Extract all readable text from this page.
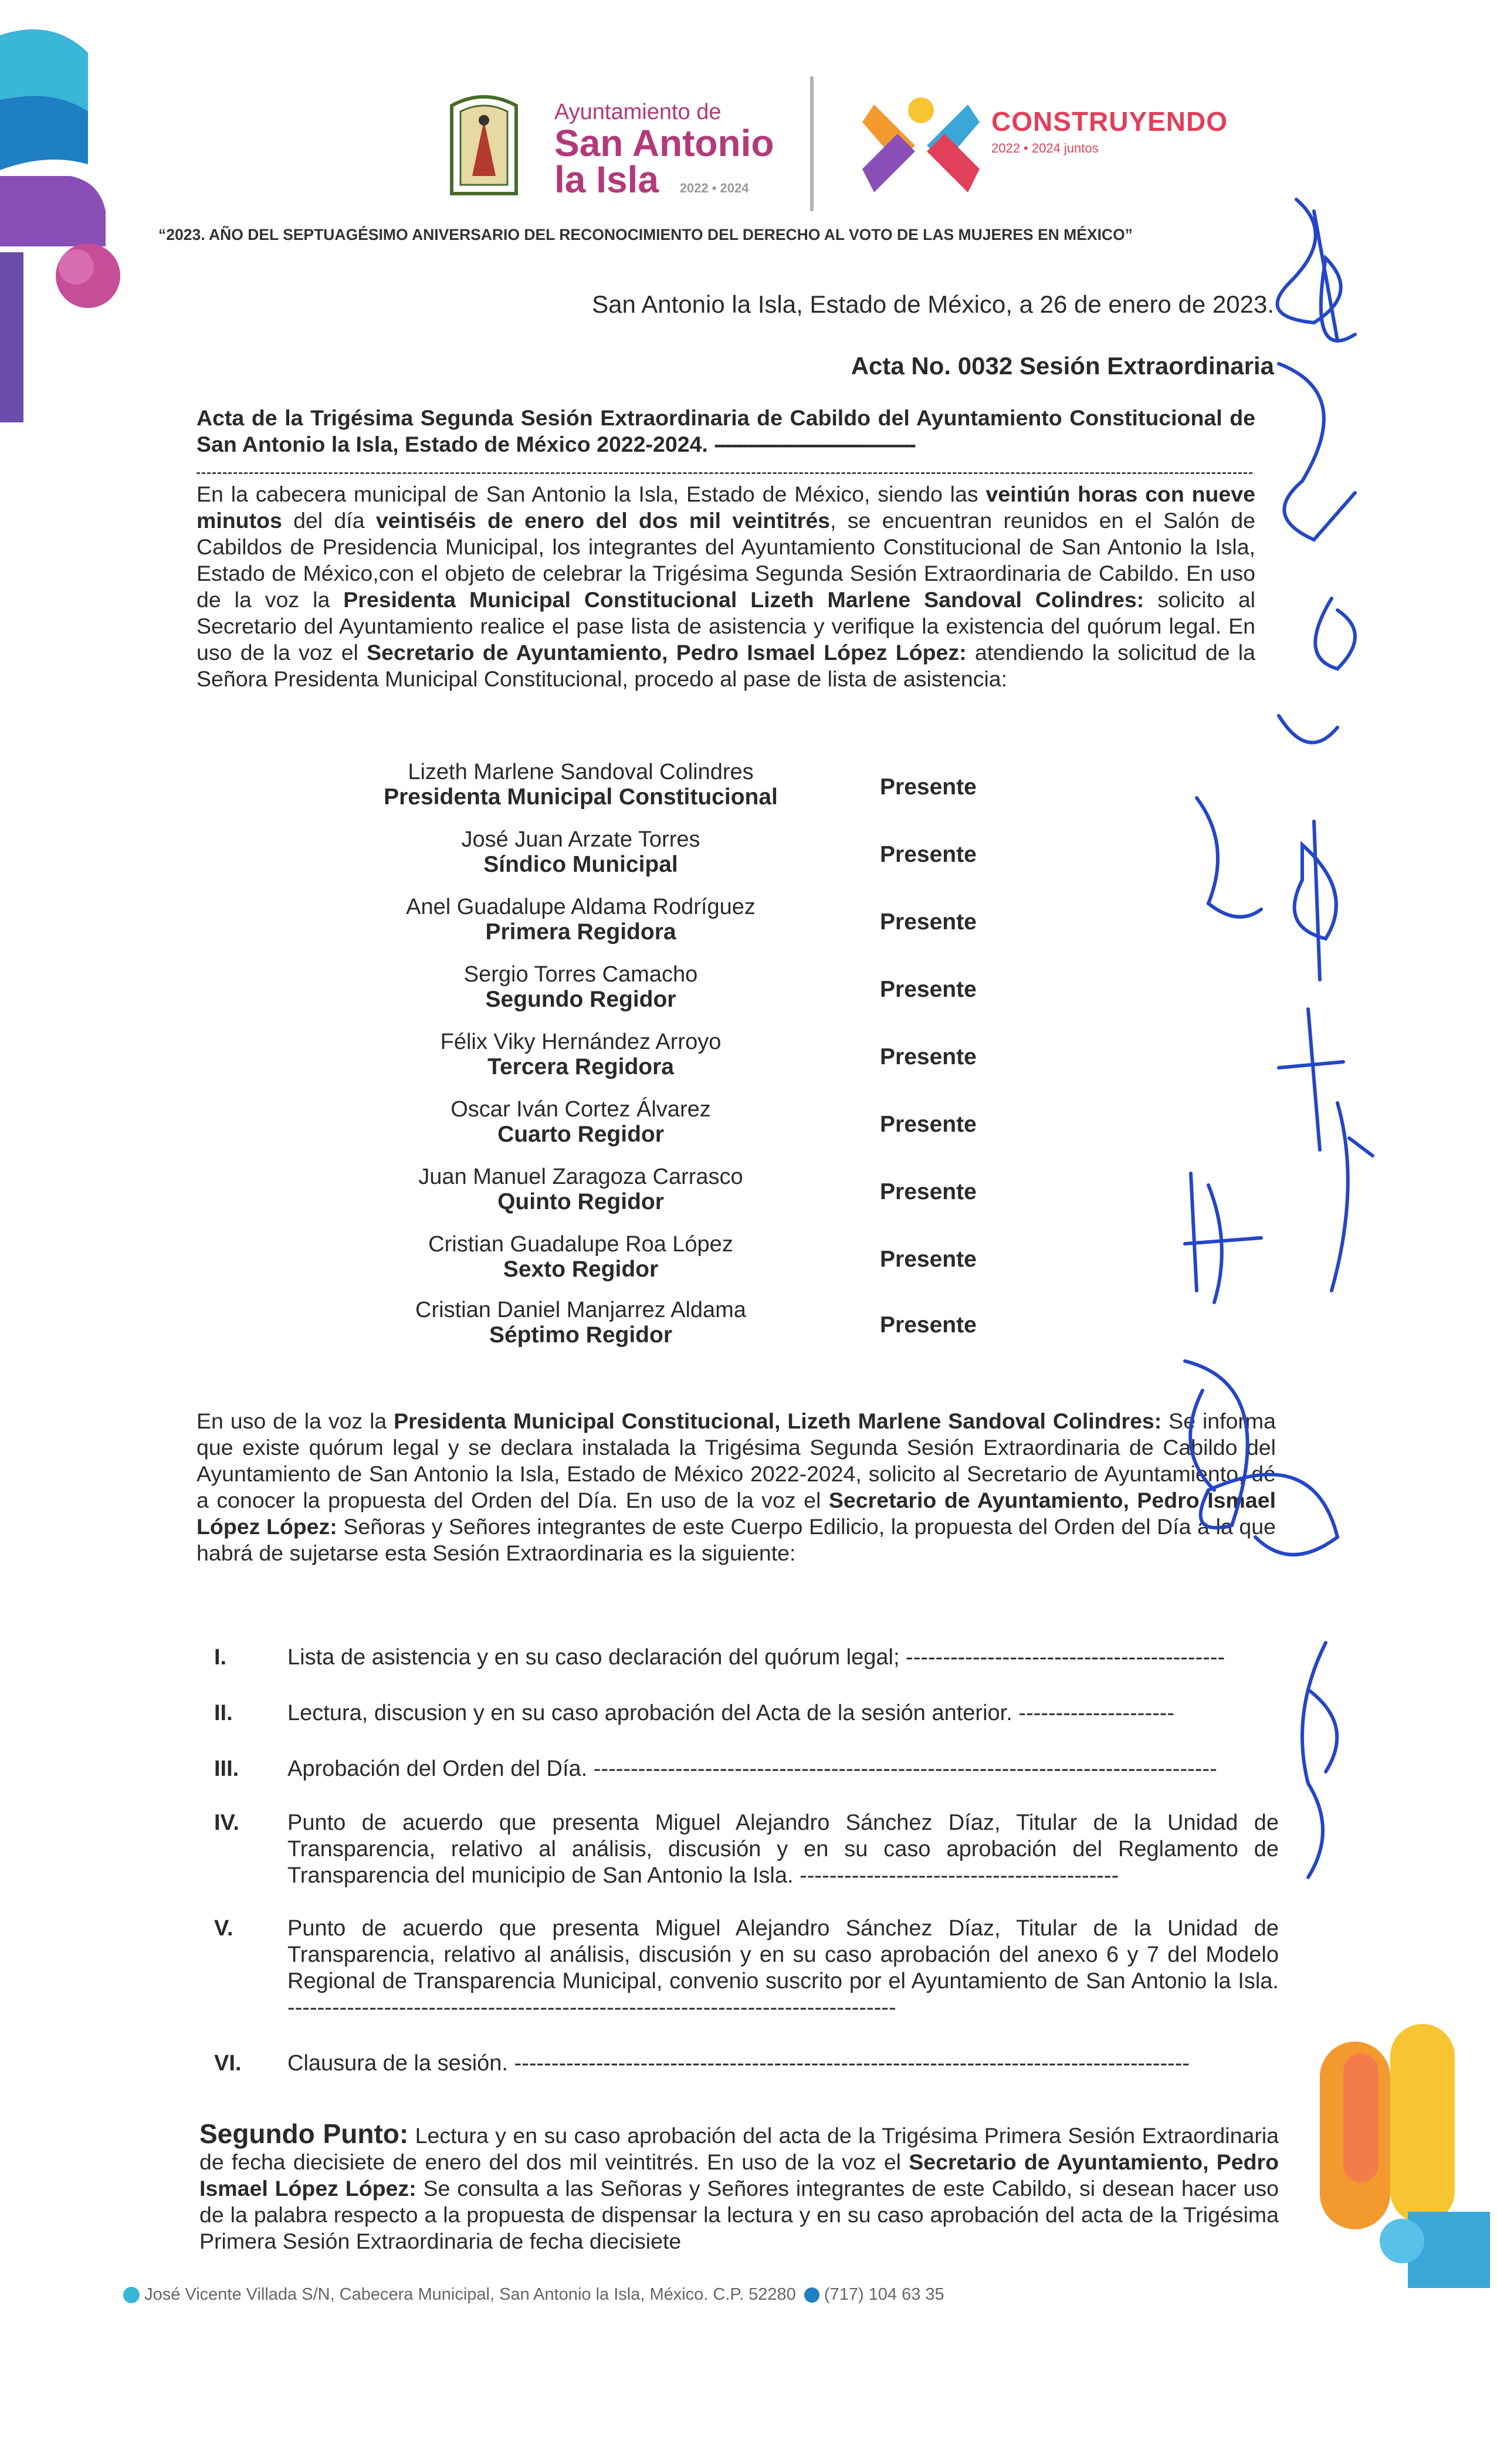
Ayuntamiento de
San Antonio
la Isla 2022 • 2024
CONSTRUYENDO
2022 • 2024 juntos
“2023. AÑO DEL SEPTUAGÉSIMO ANIVERSARIO DEL RECONOCIMIENTO DEL DERECHO AL VOTO DE LAS MUJERES EN MÉXICO”
San Antonio la Isla, Estado de México, a 26 de enero de 2023.
Acta No. 0032 Sesión Extraordinaria
Acta de la Trigésima Segunda Sesión Extraordinaria de Cabildo del Ayuntamiento Constitucional de San Antonio la Isla, Estado de México 2022-2024. ------------------------------------
En la cabecera municipal de San Antonio la Isla, Estado de México, siendo las veintiún horas con nueve minutos del día veintiséis de enero del dos mil veintitrés, se encuentran reunidos en el Salón de Cabildos de Presidencia Municipal, los integrantes del Ayuntamiento Constitucional de San Antonio la Isla, Estado de México,con el objeto de celebrar la Trigésima Segunda Sesión Extraordinaria de Cabildo. En uso de la voz la Presidenta Municipal Constitucional Lizeth Marlene Sandoval Colindres: solicito al Secretario del Ayuntamiento realice el pase lista de asistencia y verifique la existencia del quórum legal. En uso de la voz el Secretario de Ayuntamiento, Pedro Ismael López López: atendiendo la solicitud de la Señora Presidenta Municipal Constitucional, procedo al pase de lista de asistencia:
Lizeth Marlene Sandoval Colindres
Presidenta Municipal Constitucional	Presente
José Juan Arzate Torres
Síndico Municipal	Presente
Anel Guadalupe Aldama Rodríguez
Primera Regidora	Presente
Sergio Torres Camacho
Segundo Regidor	Presente
Félix Viky Hernández Arroyo
Tercera Regidora	Presente
Oscar Iván Cortez Álvarez
Cuarto Regidor	Presente
Juan Manuel Zaragoza Carrasco
Quinto Regidor	Presente
Cristian Guadalupe Roa López
Sexto Regidor	Presente
Cristian Daniel Manjarrez Aldama
Séptimo Regidor	Presente
En uso de la voz la Presidenta Municipal Constitucional, Lizeth Marlene Sandoval Colindres: Se informa que existe quórum legal y se declara instalada la Trigésima Segunda Sesión Extraordinaria de Cabildo del Ayuntamiento de San Antonio la Isla, Estado de México 2022-2024, solicito al Secretario de Ayuntamiento, dé a conocer la propuesta del Orden del Día. En uso de la voz el Secretario de Ayuntamiento, Pedro Ismael López López: Señoras y Señores integrantes de este Cuerpo Edilicio, la propuesta del Orden del Día a la que habrá de sujetarse esta Sesión Extraordinaria es la siguiente:
I.	Lista de asistencia y en su caso declaración del quórum legal; -------------------------------------------
II.	Lectura, discusion y en su caso aprobación del Acta de la sesión anterior. ---------------------
III.	Aprobación del Orden del Día. ------------------------------------------------------------------------------------
IV.	Punto de acuerdo que presenta Miguel Alejandro Sánchez Díaz, Titular de la Unidad de Transparencia, relativo al análisis, discusión y en su caso aprobación del Reglamento de Transparencia del municipio de San Antonio la Isla. -------------------------------------------
V.	Punto de acuerdo que presenta Miguel Alejandro Sánchez Díaz, Titular de la Unidad de Transparencia, relativo al análisis, discusión y en su caso aprobación del anexo 6 y 7 del Modelo Regional de Transparencia Municipal, convenio suscrito por el Ayuntamiento de San Antonio la Isla. ----------------------------------------------------------------------------------
VI.	Clausura de la sesión. -------------------------------------------------------------------------------------------
Segundo Punto: Lectura y en su caso aprobación del acta de la Trigésima Primera Sesión Extraordinaria de fecha diecisiete de enero del dos mil veintitrés. En uso de la voz el Secretario de Ayuntamiento, Pedro Ismael López López: Se consulta a las Señoras y Señores integrantes de este Cabildo, si desean hacer uso de la palabra respecto a la propuesta de dispensar la lectura y en su caso aprobación del acta de la Trigésima Primera Sesión Extraordinaria de fecha diecisiete
José Vicente Villada S/N, Cabecera Municipal, San Antonio la Isla, México. C.P. 52280 (717) 104 63 35
